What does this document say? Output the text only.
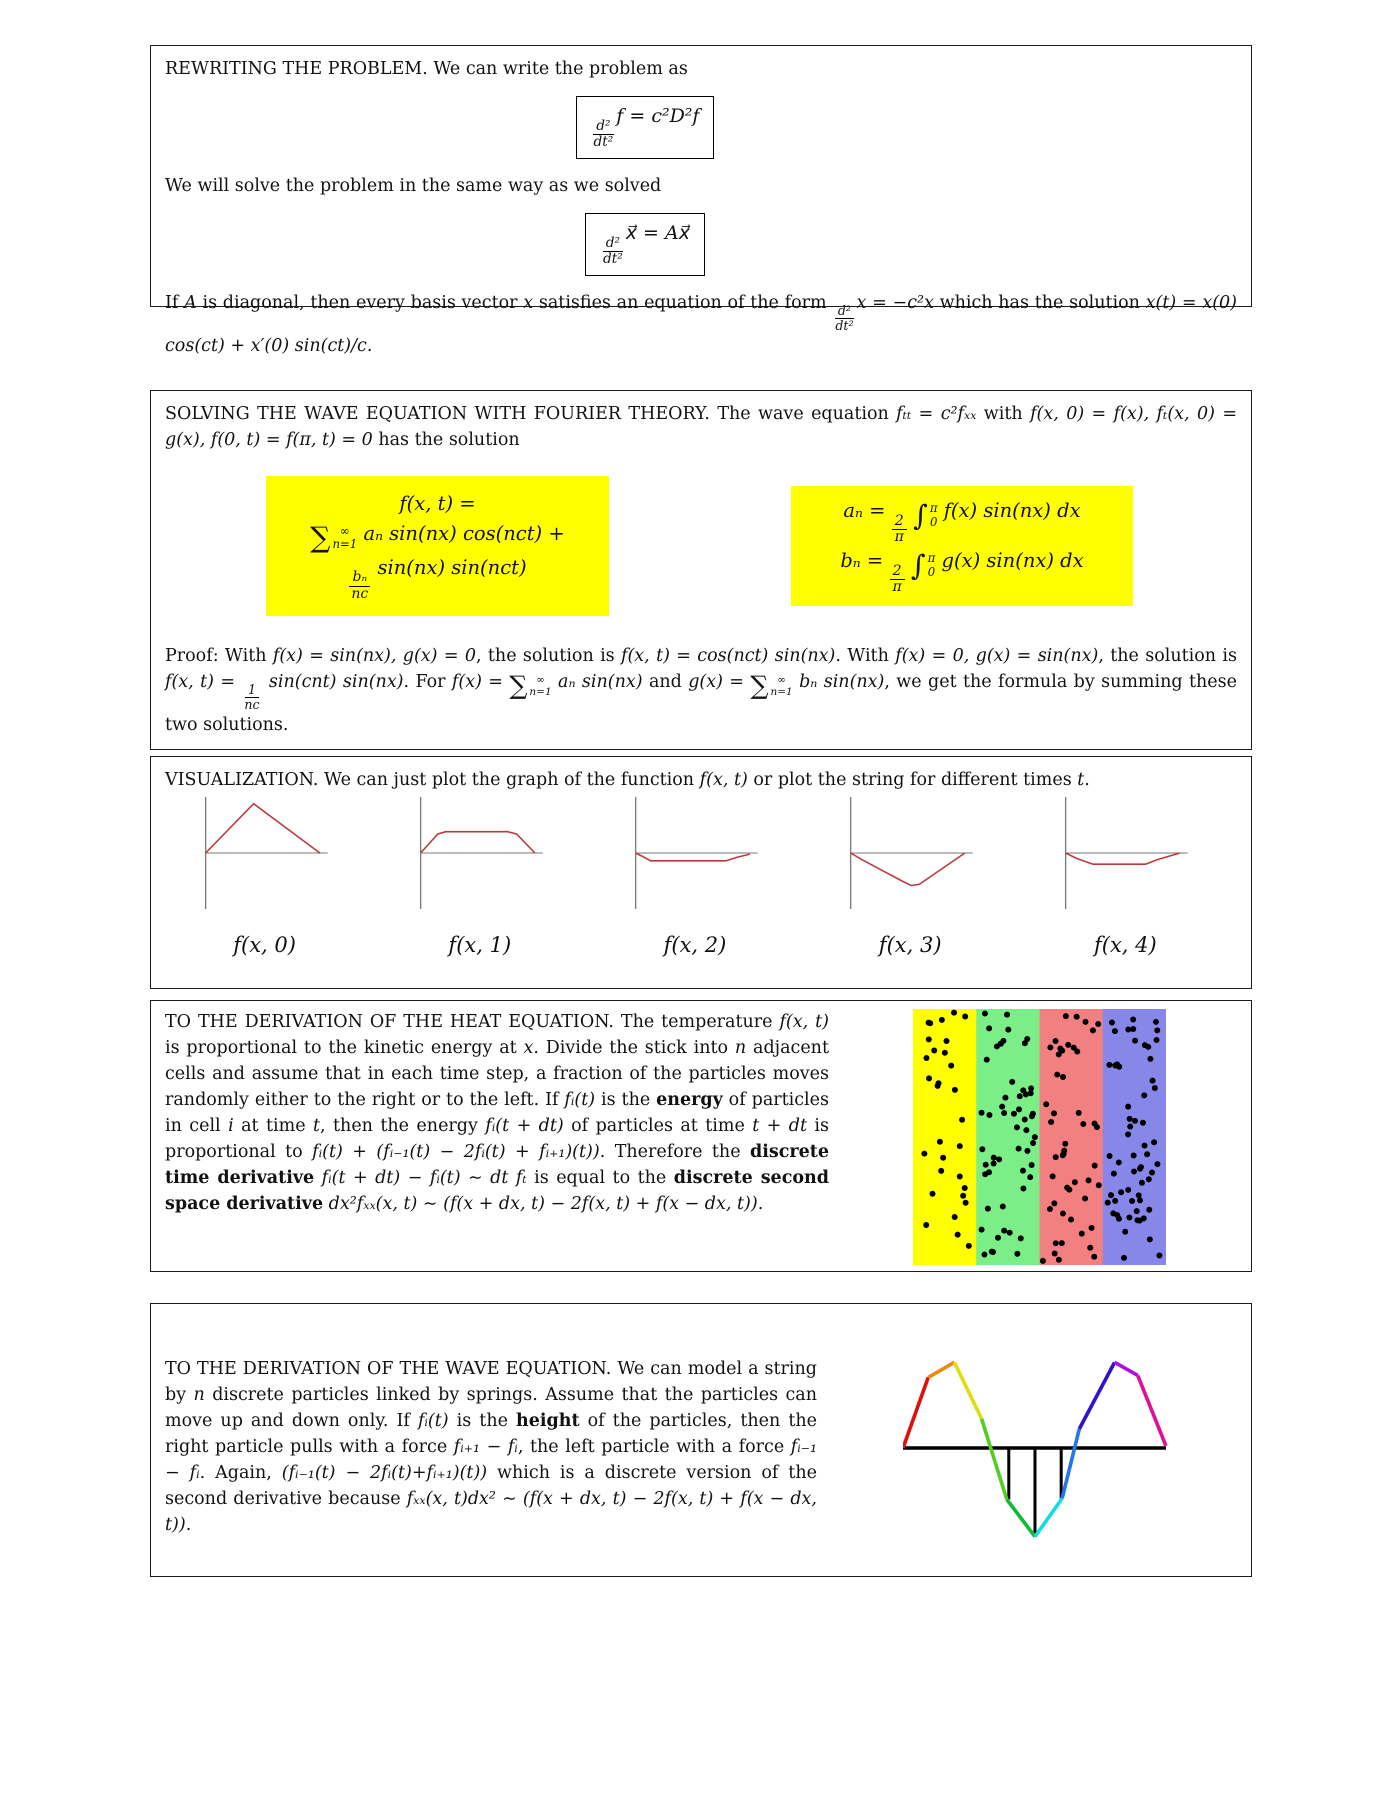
REWRITING THE PROBLEM. We can write the problem as

$\frac{\text{d²}}{\text{dt²}}$
f = c²D²f

We will solve the problem in the same way as we solved

$\frac{\text{d²}}{\text{dt²}}$
x⃗ = Ax⃗

If A is diagonal, then every basis vector x satisfies an equation of the form
$\frac{\text{d²}}{\text{dt²}}$
x = −c²x which has the solution x(t) = x(0) cos(ct) + x′(0) sin(ct)/c.

SOLVING THE WAVE EQUATION WITH FOURIER THEORY. The wave equation fₜₜ = c²fₓₓ with f(x, 0) = f(x), fₜ(x, 0) = g(x), f(0, t) = f(π, t) = 0 has the solution

f(x, t) =
∑ ∞
n=1 aₙ sin(nx) cos(nct) +
$\frac{\text{bₙ}}{nc}$
sin(nx) sin(nct)
aₙ =
$\frac{2}{\pi}$
∫ π
0 f(x) sin(nx) dx
bₙ =
$\frac{2}{\pi}$
∫ π
0 g(x) sin(nx) dx

Proof: With f(x) = sin(nx), g(x) = 0, the solution is f(x, t) = cos(nct) sin(nx). With f(x) = 0, g(x) = sin(nx), the solution is f(x, t) =
$\frac{1}{nc}$
sin(cnt) sin(nx). For f(x) = ∑ ∞
n=1 aₙ sin(nx) and g(x) = ∑ ∞
n=1 bₙ sin(nx), we get the formula by summing these two solutions.

VISUALIZATION. We can just plot the graph of the function f(x, t) or plot the string for different times t.

f(x, 0)	f(x, 1)	f(x, 2)	f(x, 3)	f(x, 4)

TO THE DERIVATION OF THE HEAT EQUATION. The temperature f(x, t) is proportional to the kinetic energy at x. Divide the stick into n adjacent cells and assume that in each time step, a fraction of the particles moves randomly either to the right or to the left. If fᵢ(t) is the energy of particles in cell i at time t, then the energy fᵢ(t + dt) of particles at time t + dt is proportional to fᵢ(t) + (fᵢ₋₁(t) − 2fᵢ(t) + fᵢ₊₁)(t)). Therefore the discrete time derivative fᵢ(t + dt) − fᵢ(t) ∼ dt fₜ is equal to the discrete second space derivative dx²fₓₓ(x, t) ∼ (f(x + dx, t) − 2f(x, t) + f(x − dx, t)).

TO THE DERIVATION OF THE WAVE EQUATION. We can model a string by n discrete particles linked by springs. Assume that the particles can move up and down only. If fᵢ(t) is the height of the particles, then the right particle pulls with a force fᵢ₊₁ − fᵢ, the left particle with a force fᵢ₋₁ − fᵢ. Again, (fᵢ₋₁(t) − 2fᵢ(t)+fᵢ₊₁)(t)) which is a discrete version of the second derivative because fₓₓ(x, t)dx² ∼ (f(x + dx, t) − 2f(x, t) + f(x − dx, t)).
